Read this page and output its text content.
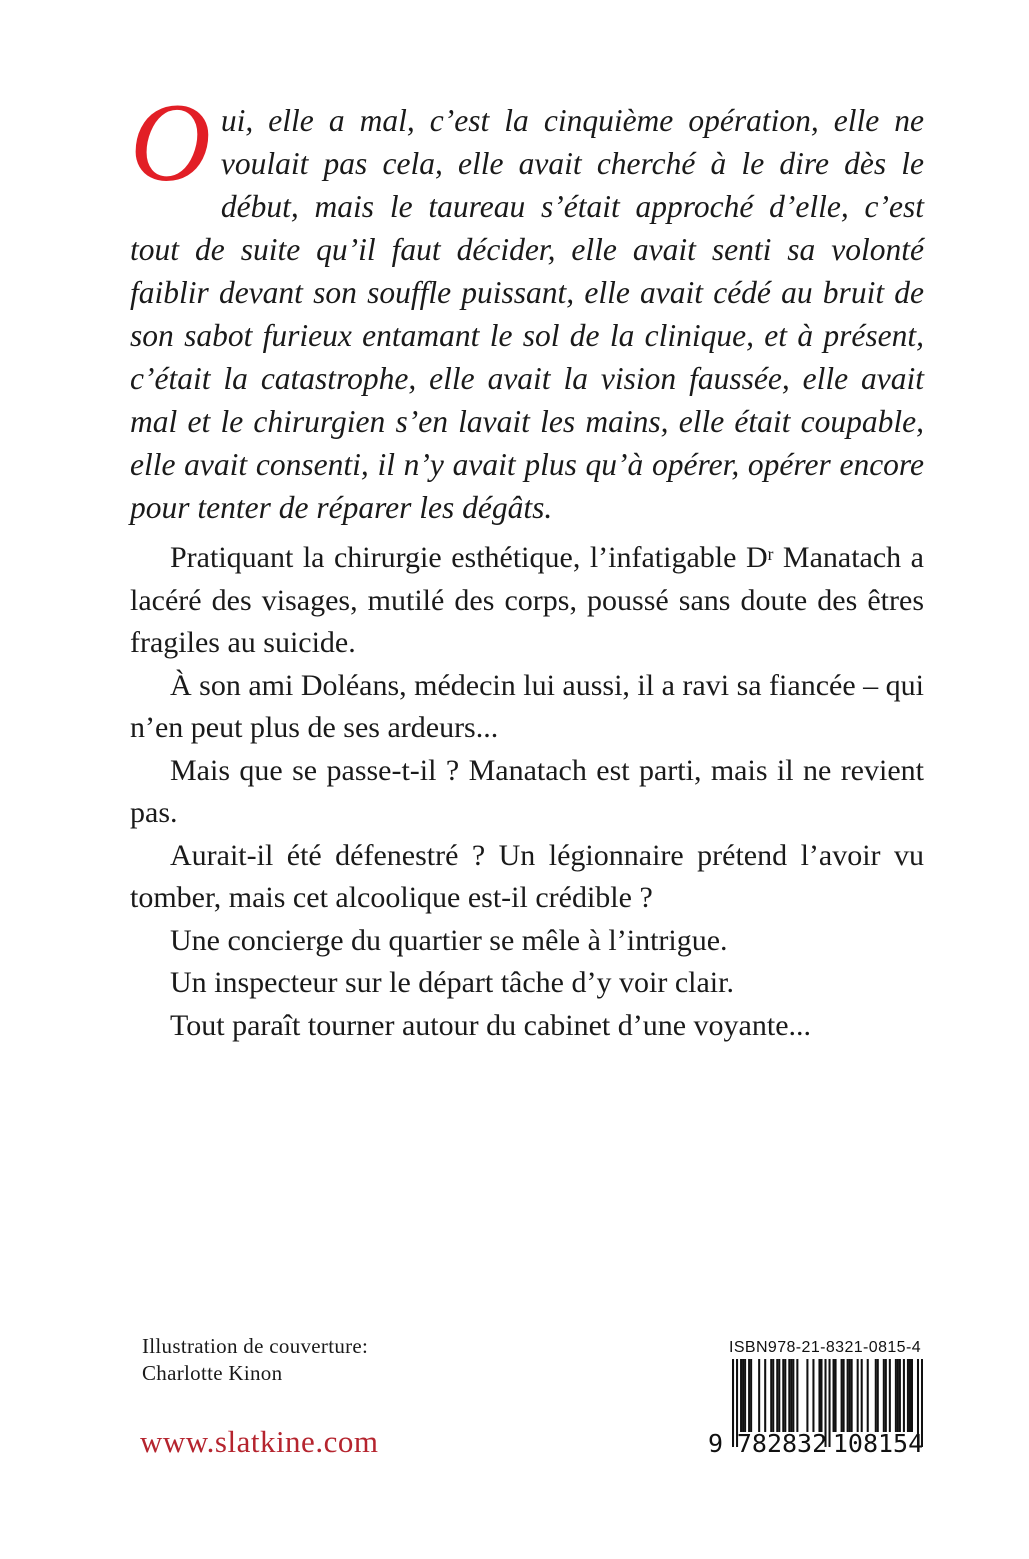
Oui, elle a mal, c’est la cinquième opération, elle ne voulait pas cela, elle avait cherché à le dire dès le début, mais le taureau s’était approché d’elle, c’est tout de suite qu’il faut décider, elle avait senti sa volonté faiblir devant son souffle puissant, elle avait cédé au bruit de son sabot furieux entamant le sol de la clinique, et à présent, c’était la catastrophe, elle avait la vision faussée, elle avait mal et le chirurgien s’en lavait les mains, elle était coupable, elle avait consenti, il n’y avait plus qu’à opérer, opérer encore pour tenter de réparer les dégâts.

Pratiquant la chirurgie esthétique, l’infatigable $D^r$ Manatach a lacéré des visages, mutilé des corps, poussé sans doute des êtres fragiles au suicide.

À son ami Doléans, médecin lui aussi, il a ravi sa fiancée – qui n’en peut plus de ses ardeurs...

Mais que se passe-t-il ? Manatach est parti, mais il ne revient pas.

Aurait-il été défenestré ? Un légionnaire prétend l’avoir vu tomber, mais cet alcoolique est-il crédible ?

Une concierge du quartier se mêle à l’intrigue.

Un inspecteur sur le départ tâche d’y voir clair.

Tout paraît tourner autour du cabinet d’une voyante...

Illustration de couverture:
Charlotte Kinon
www.slatkine.com
ISBN978-21-8321-0815-4
9 782832 108154
